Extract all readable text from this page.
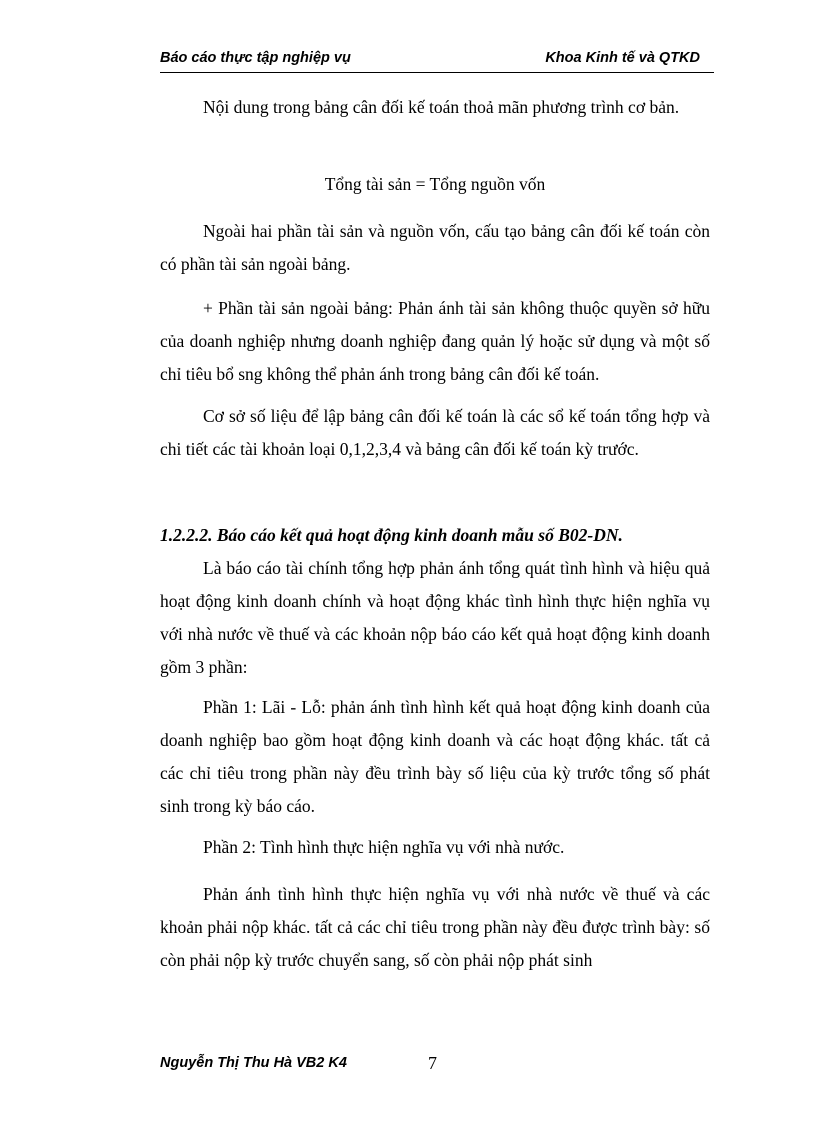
Báo cáo thực tập nghiệp vụ	Khoa Kinh tế và QTKD

Nội dung trong bảng cân đối kế toán thoả mãn phương trình cơ bản.

Tổng tài sản = Tổng nguồn vốn

Ngoài hai phần tài sản và nguồn vốn, cấu tạo bảng cân đối kế toán còn có phần tài sản ngoài bảng.

+ Phần tài sản ngoài bảng: Phản ánh tài sản không thuộc quyền sở hữu của doanh nghiệp nhưng doanh nghiệp đang quản lý hoặc sử dụng và một số chỉ tiêu bổ sng không thể phản ánh trong bảng cân đối kế toán.

Cơ sở số liệu để lập bảng cân đối kế toán là các sổ kế toán tổng hợp và chi tiết các tài khoản loại 0,1,2,3,4 và bảng cân đối kế toán kỳ trước.

1.2.2.2. Báo cáo kết quả hoạt động kinh doanh mẫu số B02-DN.

Là báo cáo tài chính tổng hợp phản ánh tổng quát tình hình và hiệu quả hoạt động kinh doanh chính và hoạt động khác tình hình thực hiện nghĩa vụ với nhà nước về thuế và các khoản nộp báo cáo kết quả hoạt động kinh doanh gồm 3 phần:

Phần 1: Lãi - Lỗ: phản ánh tình hình kết quả hoạt động kinh doanh của doanh nghiệp bao gồm hoạt động kinh doanh và các hoạt động khác. tất cả các chỉ tiêu trong phần này đều trình bày số liệu của kỳ trước tổng số phát sinh trong kỳ báo cáo.

Phần 2: Tình hình thực hiện nghĩa vụ với nhà nước.

Phản ánh tình hình thực hiện nghĩa vụ với nhà nước về thuế và các khoản phải nộp khác. tất cả các chỉ tiêu trong phần này đều được trình bày: số còn phải nộp kỳ trước chuyển sang, số còn phải nộp phát sinh

Nguyễn Thị Thu Hà VB2 K4	7
